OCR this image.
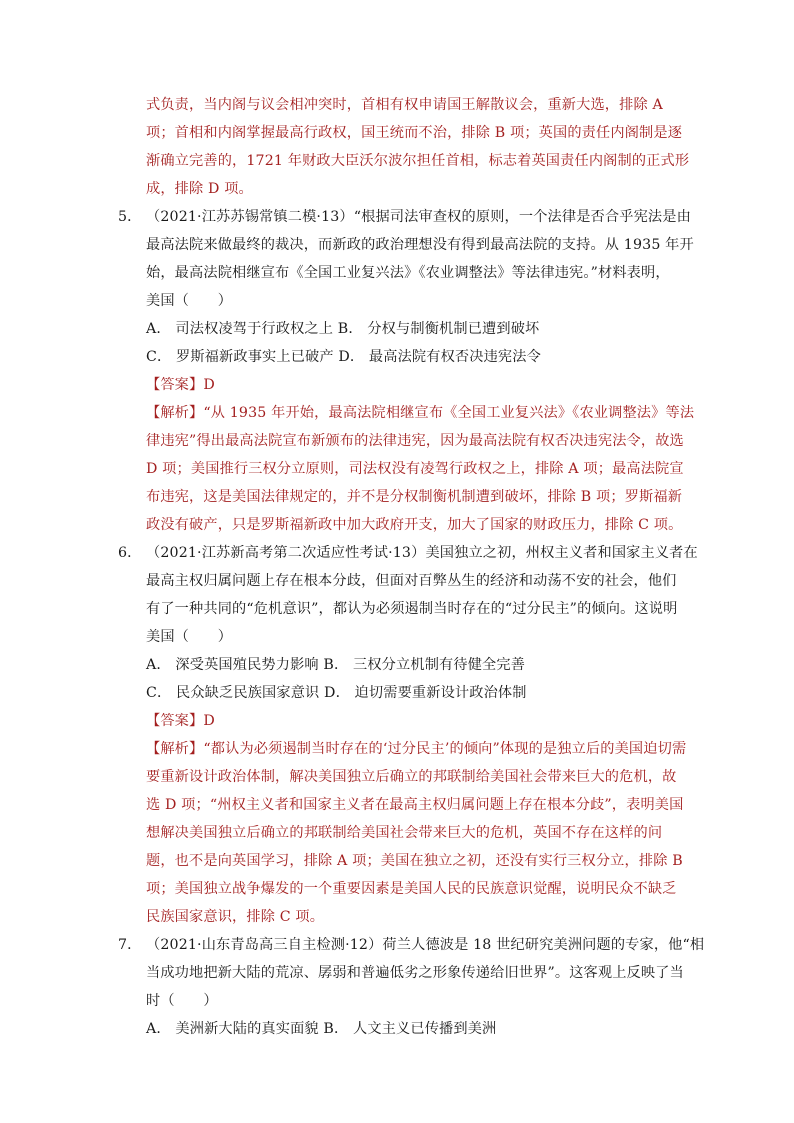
式负责，当内阁与议会相冲突时，首相有权申请国王解散议会，重新大选，排除 A
项；首相和内阁掌握最高行政权，国王统而不治，排除 B 项；英国的责任内阁制是逐
渐确立完善的，1721 年财政大臣沃尔波尔担任首相，标志着英国责任内阁制的正式形
成，排除 D 项。
5． （2021·江苏苏锡常镇二模·13）“根据司法审查权的原则，一个法律是否合乎宪法是由
最高法院来做最终的裁决，而新政的政治理想没有得到最高法院的支持。从 1935 年开
始，最高法院相继宣布《全国工业复兴法》《农业调整法》等法律违宪。”材料表明，
美国（　　）
A． 司法权凌驾于行政权之上 B． 分权与制衡机制已遭到破坏
C． 罗斯福新政事实上已破产 D． 最高法院有权否决违宪法令
【答案】D
【解析】“从 1935 年开始，最高法院相继宣布《全国工业复兴法》《农业调整法》等法
律违宪”得出最高法院宣布新颁布的法律违宪，因为最高法院有权否决违宪法令，故选
D 项；美国推行三权分立原则，司法权没有凌驾行政权之上，排除 A 项；最高法院宣
布违宪，这是美国法律规定的，并不是分权制衡机制遭到破坏，排除 B 项；罗斯福新
政没有破产，只是罗斯福新政中加大政府开支，加大了国家的财政压力，排除 C 项。
6． （2021·江苏新高考第二次适应性考试·13）美国独立之初，州权主义者和国家主义者在
最高主权归属问题上存在根本分歧，但面对百弊丛生的经济和动荡不安的社会，他们
有了一种共同的“危机意识”，都认为必须遏制当时存在的“过分民主”的倾向。这说明
美国（　　）
A． 深受英国殖民势力影响 B． 三权分立机制有待健全完善
C． 民众缺乏民族国家意识 D． 迫切需要重新设计政治体制
【答案】D
【解析】“都认为必须遏制当时存在的‘过分民主’的倾向”体现的是独立后的美国迫切需
要重新设计政治体制，解决美国独立后确立的邦联制给美国社会带来巨大的危机，故
选 D 项；“州权主义者和国家主义者在最高主权归属问题上存在根本分歧”，表明美国
想解决美国独立后确立的邦联制给美国社会带来巨大的危机，英国不存在这样的问
题，也不是向英国学习，排除 A 项；美国在独立之初，还没有实行三权分立，排除 B
项；美国独立战争爆发的一个重要因素是美国人民的民族意识觉醒，说明民众不缺乏
民族国家意识，排除 C 项。
7． （2021·山东青岛高三自主检测·12）荷兰人德波是 18 世纪研究美洲问题的专家，他“相
当成功地把新大陆的荒凉、孱弱和普遍低劣之形象传递给旧世界”。这客观上反映了当
时（　　）
A． 美洲新大陆的真实面貌 B． 人文主义已传播到美洲
